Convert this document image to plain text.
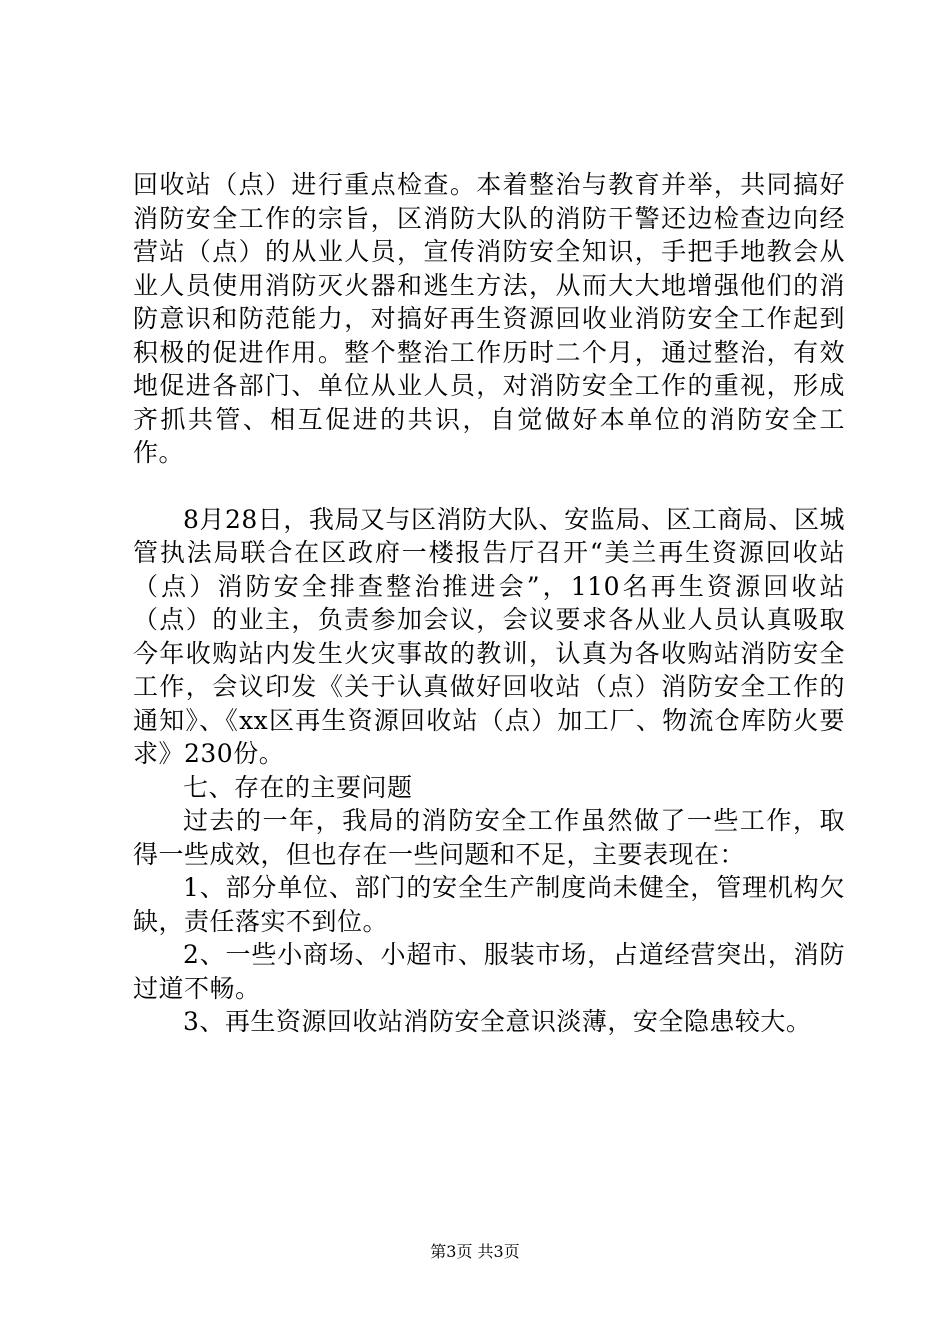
回收站（点）进行重点检查。本着整治与教育并举，共同搞好消防安全工作的宗旨，区消防大队的消防干警还边检查边向经营站（点）的从业人员，宣传消防安全知识，手把手地教会从业人员使用消防灭火器和逃生方法，从而大大地增强他们的消防意识和防范能力，对搞好再生资源回收业消防安全工作起到积极的促进作用。整个整治工作历时二个月，通过整治，有效地促进各部门、单位从业人员，对消防安全工作的重视，形成齐抓共管、相互促进的共识，自觉做好本单位的消防安全工作。

8月28日，我局又与区消防大队、安监局、区工商局、区城管执法局联合在区政府一楼报告厅召开“美兰再生资源回收站（点）消防安全排查整治推进会”，110名再生资源回收站（点）的业主，负责参加会议，会议要求各从业人员认真吸取今年收购站内发生火灾事故的教训，认真为各收购站消防安全工作，会议印发《关于认真做好回收站（点）消防安全工作的通知》、《xx区再生资源回收站（点）加工厂、物流仓库防火要求》230份。

七、存在的主要问题

过去的一年，我局的消防安全工作虽然做了一些工作，取得一些成效，但也存在一些问题和不足，主要表现在：

1、部分单位、部门的安全生产制度尚未健全，管理机构欠缺，责任落实不到位。

2、一些小商场、小超市、服装市场，占道经营突出，消防过道不畅。

3、再生资源回收站消防安全意识淡薄，安全隐患较大。

第3页 共3页
